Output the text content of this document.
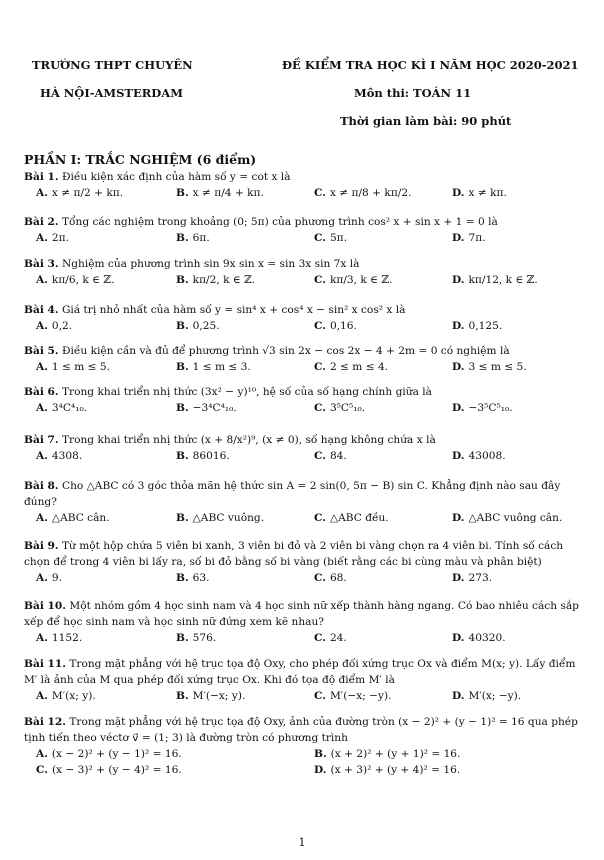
TRƯỜNG THPT CHUYÊN
HÀ NỘI-AMSTERDAM
ĐỀ KIỂM TRA HỌC KÌ I NĂM HỌC 2020-2021
Môn thi: TOÁN 11
Thời gian làm bài: 90 phút
PHẦN I: TRẮC NGHIỆM (6 điểm)
Bài 1. Điều kiện xác định của hàm số y = cot x là
A. x ≠ π/2 + kπ.	B. x ≠ π/4 + kπ.	C. x ≠ π/8 + kπ/2.	D. x ≠ kπ.
Bài 2. Tổng các nghiệm trong khoảng (0; 5π) của phương trình cos² x + sin x + 1 = 0 là
A. 2π.	B. 6π.	C. 5π.	D. 7π.
Bài 3. Nghiệm của phương trình sin 9x sin x = sin 3x sin 7x là
A. kπ/6, k ∈ ℤ.	B. kπ/2, k ∈ ℤ.	C. kπ/3, k ∈ ℤ.	D. kπ/12, k ∈ ℤ.
Bài 4. Giá trị nhỏ nhất của hàm số y = sin⁴ x + cos⁴ x − sin² x cos² x là
A. 0,2.	B. 0,25.	C. 0,16.	D. 0,125.
Bài 5. Điều kiện cần và đủ để phương trình √3 sin 2x − cos 2x − 4 + 2m = 0 có nghiệm là
A. 1 ≤ m ≤ 5.	B. 1 ≤ m ≤ 3.	C. 2 ≤ m ≤ 4.	D. 3 ≤ m ≤ 5.
Bài 6. Trong khai triển nhị thức (3x² − y)¹⁰, hệ số của số hạng chính giữa là
A. 3⁴C⁴₁₀.	B. −3⁴C⁴₁₀.	C. 3⁵C⁵₁₀.	D. −3⁵C⁵₁₀.
Bài 7. Trong khai triển nhị thức (x + 8/x²)⁹, (x ≠ 0), số hạng không chứa x là
A. 4308.	B. 86016.	C. 84.	D. 43008.
Bài 8. Cho △ABC có 3 góc thỏa mãn hệ thức sin A = 2 sin(0, 5π − B) sin C. Khẳng định nào sau đây đúng?
A. △ABC cân.	B. △ABC vuông.	C. △ABC đều.	D. △ABC vuông cân.
Bài 9. Từ một hộp chứa 5 viên bi xanh, 3 viên bi đỏ và 2 viên bi vàng chọn ra 4 viên bi. Tính số cách chọn để trong 4 viên bi lấy ra, số bi đỏ bằng số bi vàng (biết rằng các bi cùng màu và phân biệt)
A. 9.	B. 63.	C. 68.	D. 273.
Bài 10. Một nhóm gồm 4 học sinh nam và 4 học sinh nữ xếp thành hàng ngang. Có bao nhiêu cách sắp xếp để học sinh nam và học sinh nữ đứng xem kẽ nhau?
A. 1152.	B. 576.	C. 24.	D. 40320.
Bài 11. Trong mặt phẳng với hệ trục tọa độ Oxy, cho phép đối xứng trục Ox và điểm M(x; y). Lấy điểm M′ là ảnh của M qua phép đối xứng trục Ox. Khi đó tọa độ điểm M′ là
A. M′(x; y).	B. M′(−x; y).	C. M′(−x; −y).	D. M′(x; −y).
Bài 12. Trong mặt phẳng với hệ trục tọa độ Oxy, ảnh của đường tròn (x − 2)² + (y − 1)² = 16 qua phép tịnh tiến theo véctơ v⃗ = (1; 3) là đường tròn có phương trình
A. (x − 2)² + (y − 1)² = 16.	B. (x + 2)² + (y + 1)² = 16.
C. (x − 3)² + (y − 4)² = 16.	D. (x + 3)² + (y + 4)² = 16.
1
